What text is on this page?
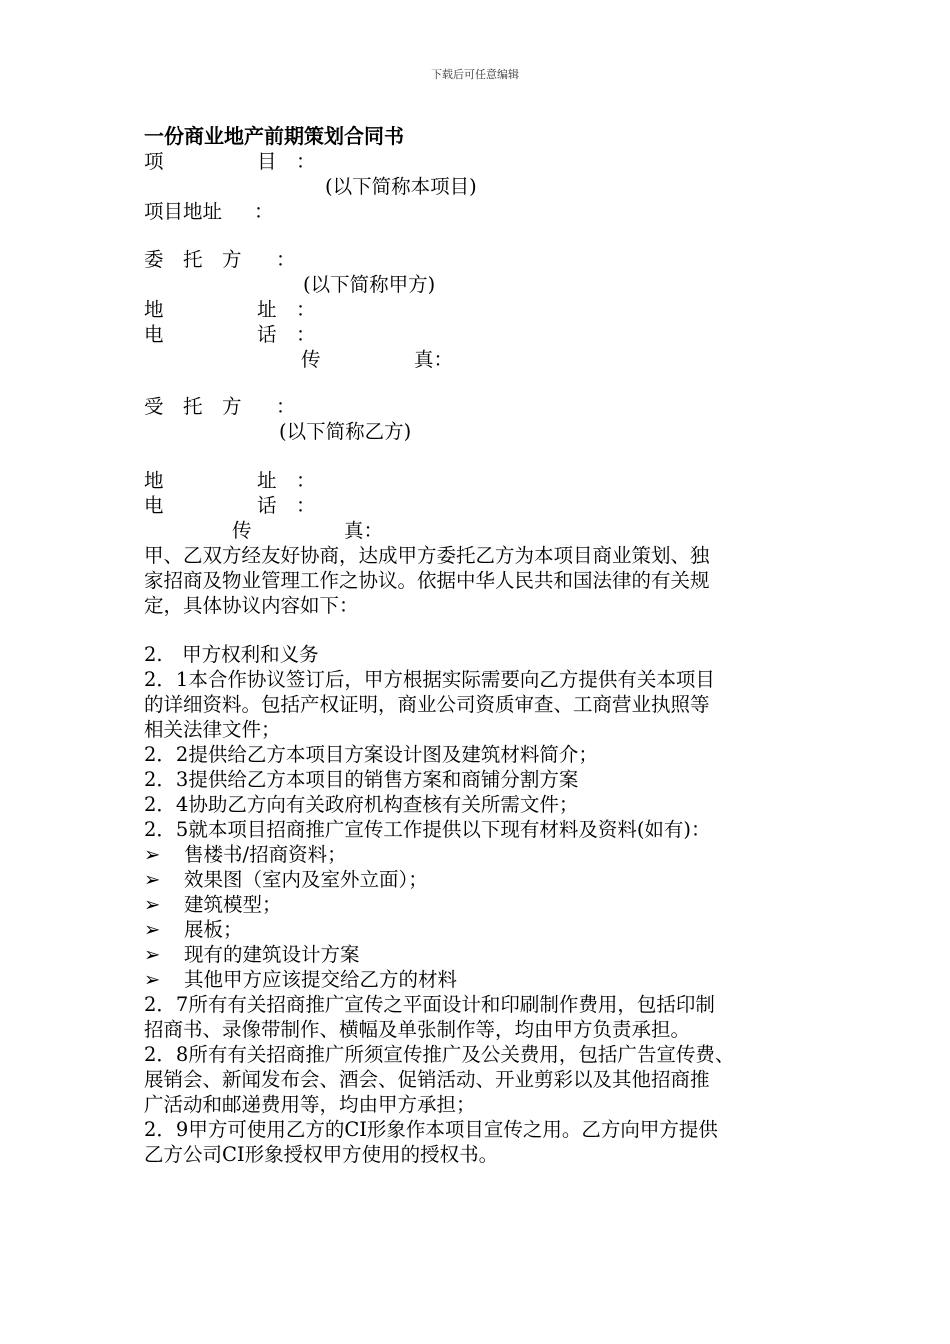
下载后可任意编辑
一份商业地产前期策划合同书
项	目 ：
(以下简称本项目)
项目地址 ：
委　托　方 ：
(以下简称甲方)
地	址 ：
电	话 ：
传	真：
受　托　方 ：
(以下简称乙方)
地	址 ：
电	话 ：
传	真：
甲、乙双方经友好协商，达成甲方委托乙方为本项目商业策划、独
家招商及物业管理工作之协议。依据中华人民共和国法律的有关规
定，具体协议内容如下：
2.　甲方权利和义务
2．1本合作协议签订后，甲方根据实际需要向乙方提供有关本项目
的详细资料。包括产权证明，商业公司资质审查、工商营业执照等
相关法律文件；
2．2提供给乙方本项目方案设计图及建筑材料简介；
2．3提供给乙方本项目的销售方案和商铺分割方案
2．4协助乙方向有关政府机构查核有关所需文件；
2．5就本项目招商推广宣传工作提供以下现有材料及资料(如有)：
➢ 售楼书/招商资料；
➢ 效果图（室内及室外立面）；
➢ 建筑模型；
➢ 展板；
➢ 现有的建筑设计方案
➢ 其他甲方应该提交给乙方的材料
2．7所有有关招商推广宣传之平面设计和印刷制作费用，包括印制
招商书、录像带制作、横幅及单张制作等，均由甲方负责承担。
2．8所有有关招商推广所须宣传推广及公关费用，包括广告宣传费、
展销会、新闻发布会、酒会、促销活动、开业剪彩以及其他招商推
广活动和邮递费用等，均由甲方承担；
2．9甲方可使用乙方的CI形象作本项目宣传之用。乙方向甲方提供
乙方公司CI形象授权甲方使用的授权书。
